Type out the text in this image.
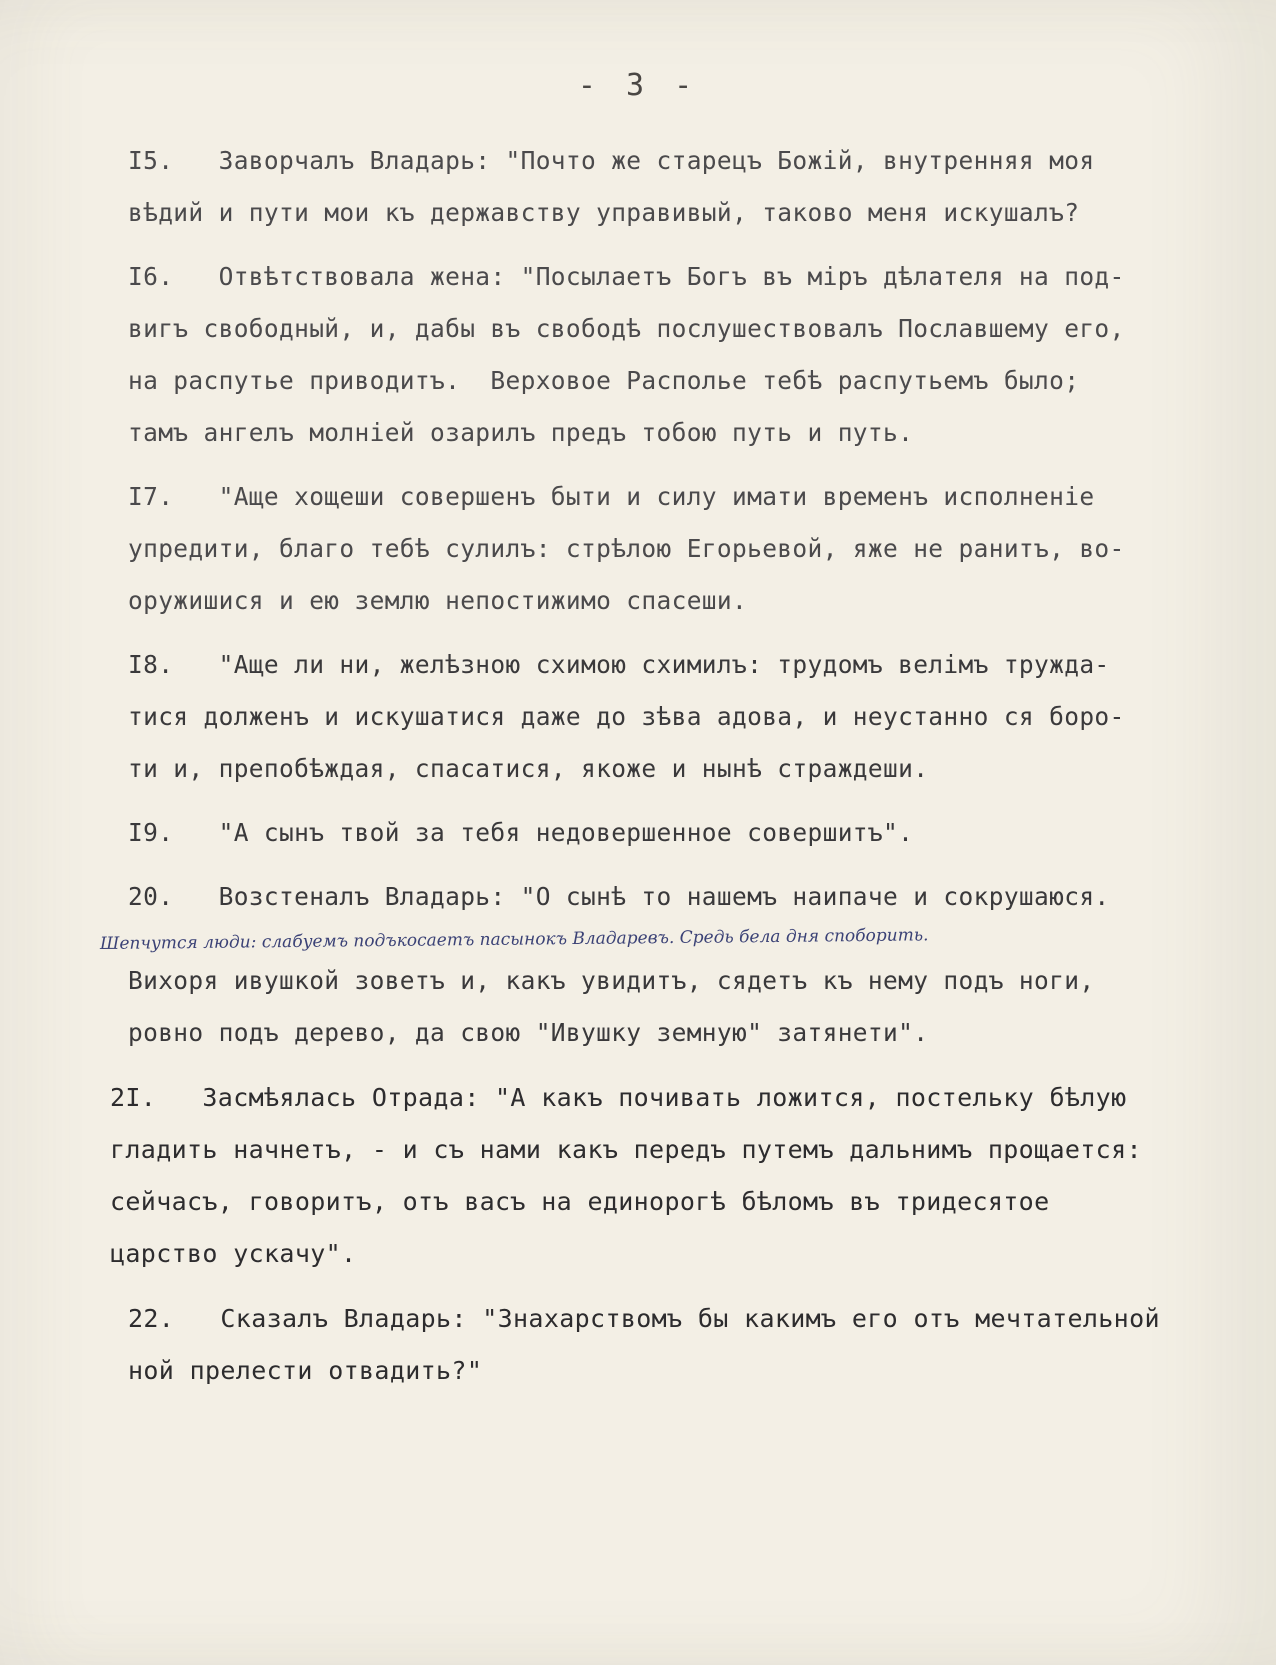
- 3 -
I5.   Заворчалъ Владарь: "Почто же старецъ Божій, внутренняя моя
вѣдий и пути мои къ державству управивый, таково меня искушалъ?
I6.   Отвѣтствовала жена: "Посылаетъ Богъ въ міръ дѣлателя на под-
вигъ свободный, и, дабы въ свободѣ послушествовалъ Пославшему его,
на распутье приводитъ.  Верховое Располье тебѣ распутьемъ было;
тамъ ангелъ молніей озарилъ предъ тобою путь и путь.
I7.   "Аще хощеши совершенъ быти и силу имати временъ исполненіе
упредити, благо тебѣ сулилъ: стрѣлою Егорьевой, яже не ранитъ, во-
оружишися и ею землю непостижимо спасеши.
I8.   "Аще ли ни, желѣзною схимою схимилъ: трудомъ велімъ тружда-
тися долженъ и искушатися даже до зѣва адова, и неустанно ся боро-
ти и, препобѣждая, спасатися, якоже и нынѣ страждеши.
I9.   "А сынъ твой за тебя недовершенное совершитъ".
20.   Возстеналъ Владарь: "О сынѣ то нашемъ наипаче и сокрушаюся.
Вихоря ивушкой зоветъ и, какъ увидитъ, сядетъ къ нему подъ ноги,
ровно подъ дерево, да свою "Ивушку земную" затянети".
2I.   Засмѣялась Отрада: "А какъ почивать ложится, постельку бѣлую
гладить начнетъ, - и съ нами какъ передъ путемъ дальнимъ прощается:
сейчасъ, говоритъ, отъ васъ на единорогѣ бѣломъ въ тридесятое
царство ускачу".
22.   Сказалъ Владарь: "Знахарствомъ бы какимъ его отъ мечтательной
ной прелести отвадить?"
Шепчутся люди: слабуемъ подъкосаетъ пасынокъ Владаревъ. Средь бела дня споборить.
